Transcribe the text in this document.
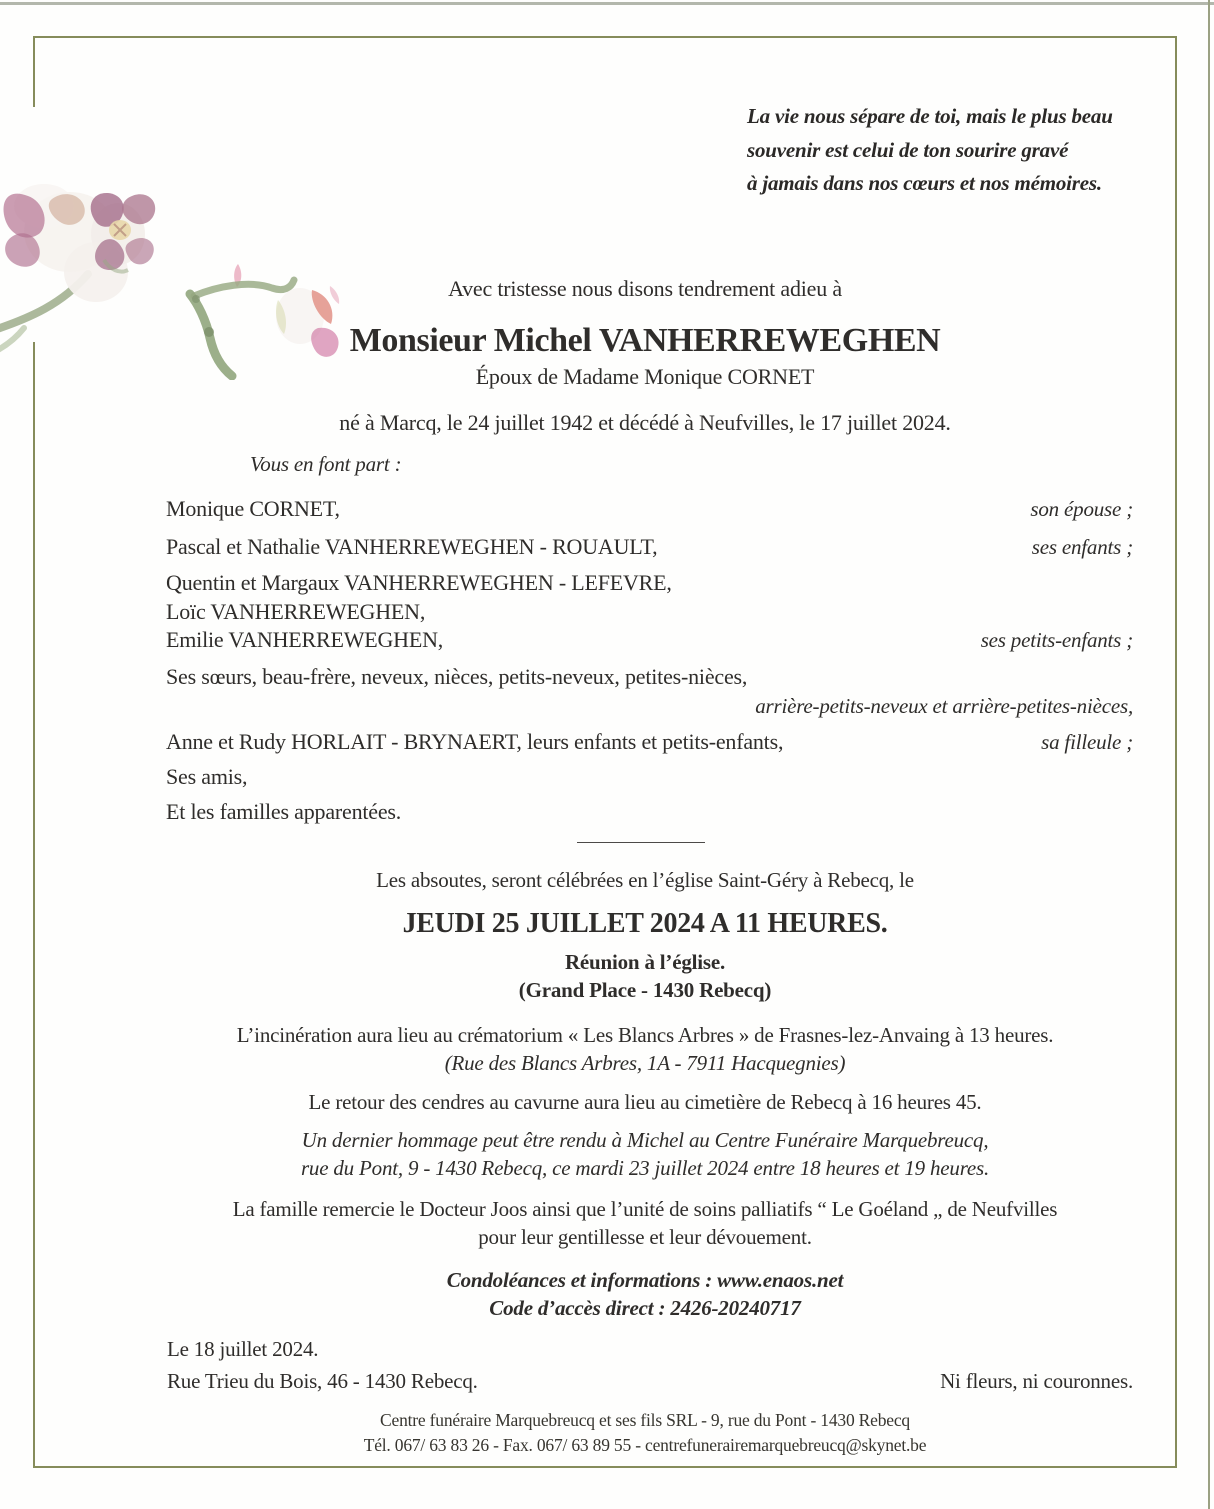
La vie nous sépare de toi, mais le plus beau
souvenir est celui de ton sourire gravé
à jamais dans nos cœurs et nos mémoires.
Avec tristesse nous disons tendrement adieu à
Monsieur Michel VANHERREWEGHEN
Époux de Madame Monique CORNET
né à Marcq, le 24 juillet 1942 et décédé à Neufvilles, le 17 juillet 2024.
Vous en font part :
Monique CORNET,	son épouse ;
Pascal et Nathalie VANHERREWEGHEN - ROUAULT,	ses enfants ;
Quentin et Margaux VANHERREWEGHEN - LEFEVRE,
Loïc VANHERREWEGHEN,
Emilie VANHERREWEGHEN,	ses petits-enfants ;
Ses sœurs, beau-frère, neveux, nièces, petits-neveux, petites-nièces,
arrière-petits-neveux et arrière-petites-nièces,
Anne et Rudy HORLAIT - BRYNAERT, leurs enfants et petits-enfants,	sa filleule ;
Ses amis,
Et les familles apparentées.
Les absoutes, seront célébrées en l’église Saint-Géry à Rebecq, le
JEUDI 25 JUILLET 2024 A 11 HEURES.
Réunion à l’église.
(Grand Place - 1430 Rebecq)
L’incinération aura lieu au crématorium « Les Blancs Arbres » de Frasnes-lez-Anvaing à 13 heures.
(Rue des Blancs Arbres, 1A - 7911 Hacquegnies)
Le retour des cendres au cavurne aura lieu au cimetière de Rebecq à 16 heures 45.
Un dernier hommage peut être rendu à Michel au Centre Funéraire Marquebreucq,
rue du Pont, 9 - 1430 Rebecq, ce mardi 23 juillet 2024 entre 18 heures et 19 heures.
La famille remercie le Docteur Joos ainsi que l’unité de soins palliatifs “ Le Goéland „ de Neufvilles
pour leur gentillesse et leur dévouement.
Condoléances et informations : www.enaos.net
Code d’accès direct : 2426-20240717
Le 18 juillet 2024.
Rue Trieu du Bois, 46 - 1430 Rebecq.	Ni fleurs, ni couronnes.
Centre funéraire Marquebreucq et ses fils SRL - 9, rue du Pont - 1430 Rebecq
Tél. 067/ 63 83 26 - Fax. 067/ 63 89 55 - centrefunerairemarquebreucq@skynet.be
